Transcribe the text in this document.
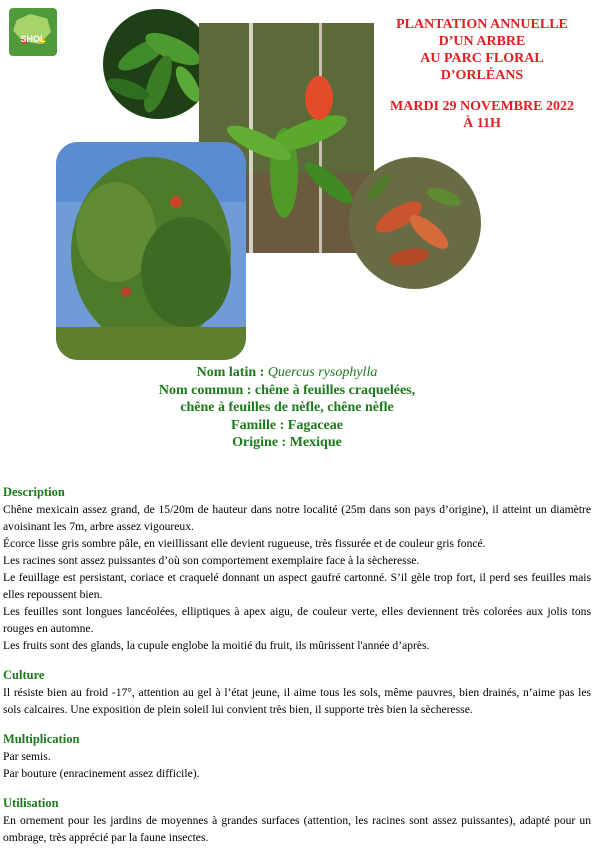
SHOL
PLANTATION ANNUELLE
D’UN ARBRE
AU PARC FLORAL
D’ORLÉANS
MARDI 29 NOVEMBRE 2022
À 11H
Nom latin : Quercus rysophylla
Nom commun : chêne à feuilles craquelées,
chêne à feuilles de nèfle, chêne nèfle
Famille : Fagaceae
Origine : Mexique
Description

Chêne mexicain assez grand, de 15/20m de hauteur dans notre localité (25m dans son pays d’origine), il atteint un diamètre avoisinant les 7m, arbre assez vigoureux.

Écorce lisse gris sombre pâle, en vieillissant elle devient rugueuse, très fissurée et de couleur gris foncé.

Les racines sont assez puissantes d’où son comportement exemplaire face à la sècheresse.

Le feuillage est persistant, coriace et craquelé donnant un aspect gaufré cartonné. S’il gèle trop fort, il perd ses feuilles mais elles repoussent bien.

Les feuilles sont longues lancéolées, elliptiques à apex aigu, de couleur verte, elles deviennent très colorées aux jolis tons rouges en automne.

Les fruits sont des glands, la cupule englobe la moitié du fruit, ils mûrissent l'année d’après.

Culture

Il résiste bien au froid -17°, attention au gel à l’état jeune, il aime tous les sols, même pauvres, bien drainés, n’aime pas les sols calcaires. Une exposition de plein soleil lui convient très bien, il supporte très bien la sècheresse.

Multiplication

Par semis.

Par bouture (enracinement assez difficile).

Utilisation

En ornement pour les jardins de moyennes à grandes surfaces (attention, les racines sont assez puissantes), adapté pour un ombrage, très apprécié par la faune insectes.
